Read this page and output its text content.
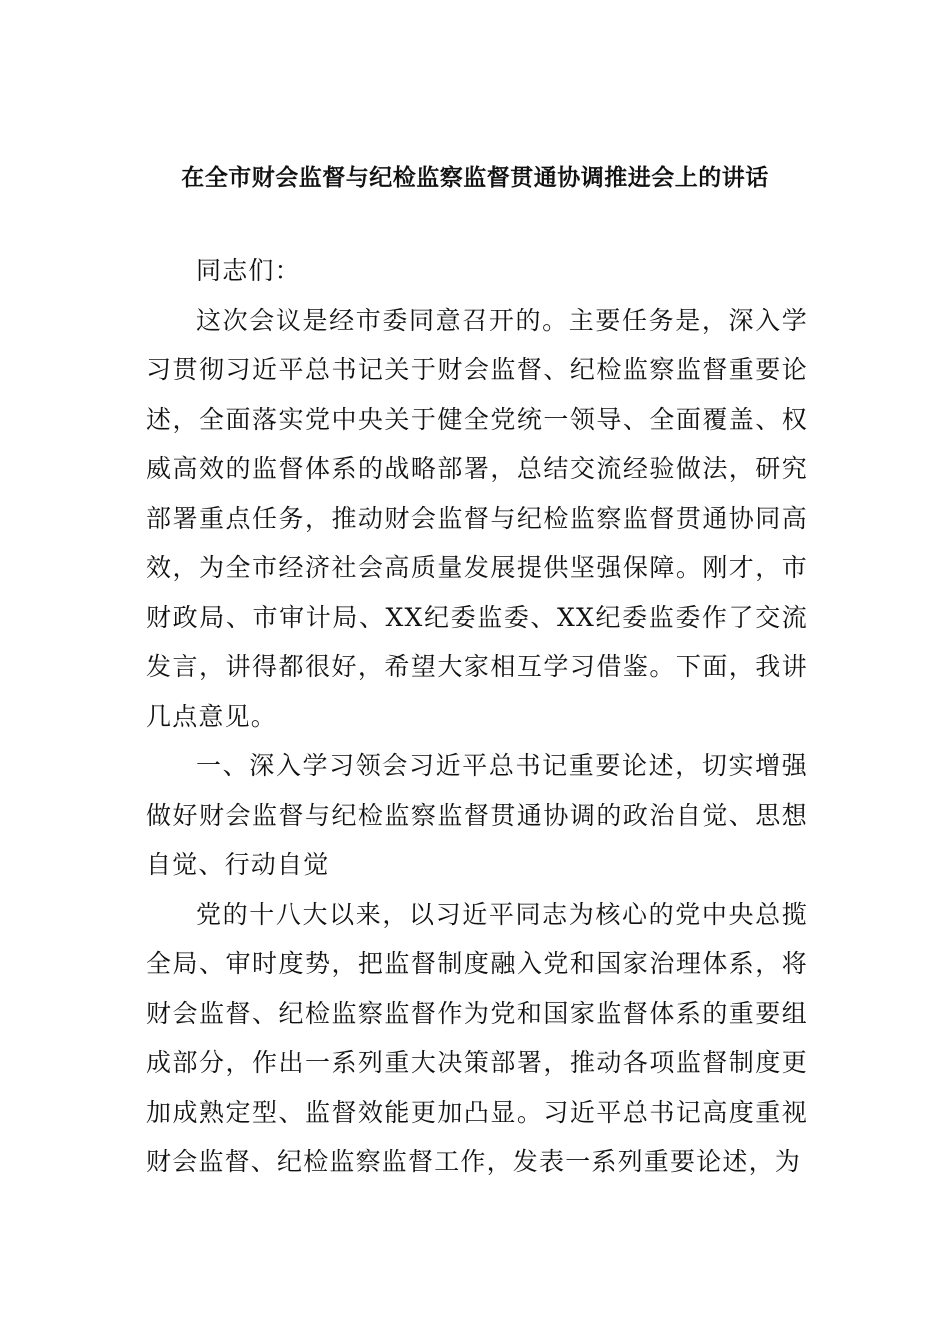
在全市财会监督与纪检监察监督贯通协调推进会上的讲话

同志们：

这次会议是经市委同意召开的。主要任务是，深入学习贯彻习近平总书记关于财会监督、纪检监察监督重要论述，全面落实党中央关于健全党统一领导、全面覆盖、权威高效的监督体系的战略部署，总结交流经验做法，研究部署重点任务，推动财会监督与纪检监察监督贯通协同高效，为全市经济社会高质量发展提供坚强保障。刚才，市财政局、市审计局、XX纪委监委、XX纪委监委作了交流发言，讲得都很好，希望大家相互学习借鉴。下面，我讲几点意见。

一、深入学习领会习近平总书记重要论述，切实增强做好财会监督与纪检监察监督贯通协调的政治自觉、思想自觉、行动自觉

党的十八大以来，以习近平同志为核心的党中央总揽全局、审时度势，把监督制度融入党和国家治理体系，将财会监督、纪检监察监督作为党和国家监督体系的重要组成部分，作出一系列重大决策部署，推动各项监督制度更加成熟定型、监督效能更加凸显。习近平总书记高度重视财会监督、纪检监察监督工作，发表一系列重要论述，为
